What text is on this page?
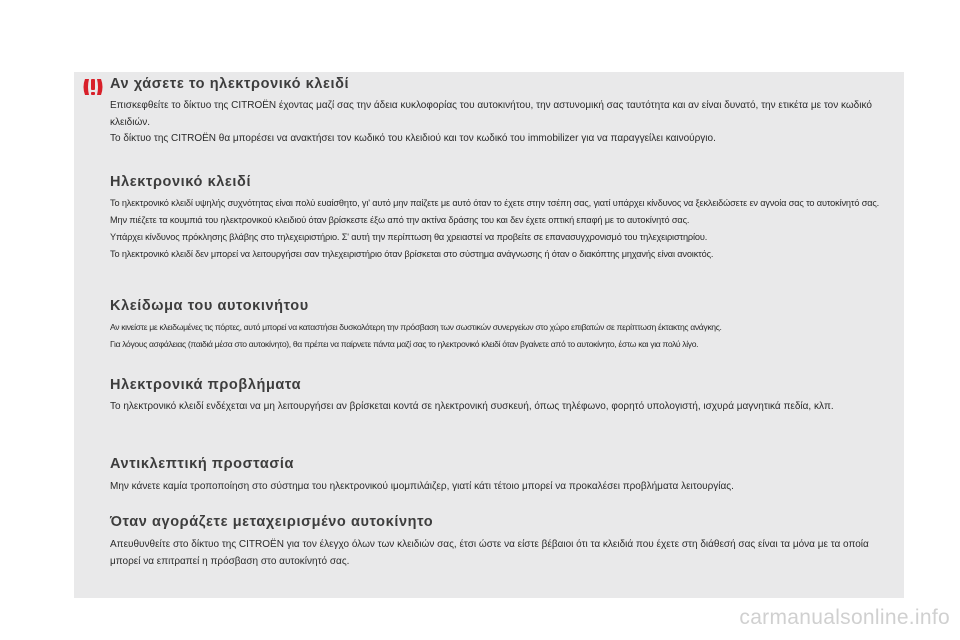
Αν χάσετε το ηλεκτρονικό κλειδί

Επισκεφθείτε το δίκτυο της CITROËN έχοντας μαζί σας την άδεια κυκλοφορίας του αυτοκινήτου, την αστυνομική σας ταυτότητα και αν είναι δυνατό, την ετικέτα με τον κωδικό κλειδιών.

Το δίκτυο της CITROËN θα μπορέσει να ανακτήσει τον κωδικό του κλειδιού και τον κωδικό του immobilizer για να παραγγείλει καινούργιο.

Ηλεκτρονικό κλειδί

Το ηλεκτρονικό κλειδί υψηλής συχνότητας είναι πολύ ευαίσθητο, γι' αυτό μην παίζετε με αυτό όταν το έχετε στην τσέπη σας, γιατί υπάρχει κίνδυνος να ξεκλειδώσετε εν αγνοία σας το αυτοκίνητό σας.

Μην πιέζετε τα κουμπιά του ηλεκτρονικού κλειδιού όταν βρίσκεστε έξω από την ακτίνα δράσης του και δεν έχετε οπτική επαφή με το αυτοκίνητό σας.

Υπάρχει κίνδυνος πρόκλησης βλάβης στο τηλεχειριστήριο. Σ' αυτή την περίπτωση θα χρειαστεί να προβείτε σε επανασυγχρονισμό του τηλεχειριστηρίου.

Το ηλεκτρονικό κλειδί δεν μπορεί να λειτουργήσει σαν τηλεχειριστήριο όταν βρίσκεται στο σύστημα ανάγνωσης ή όταν ο διακόπτης μηχανής είναι ανοικτός.

Κλείδωμα του αυτοκινήτου

Αν κινείστε με κλειδωμένες τις πόρτες, αυτό μπορεί να καταστήσει δυσκολότερη την πρόσβαση των σωστικών συνεργείων στο χώρο επιβατών σε περίπτωση έκτακτης ανάγκης.

Για λόγους ασφάλειας (παιδιά μέσα στο αυτοκίνητο), θα πρέπει να παίρνετε πάντα μαζί σας το ηλεκτρονικό κλειδί όταν βγαίνετε από το αυτοκίνητο, έστω και για πολύ λίγο.

Ηλεκτρονικά προβλήματα

Το ηλεκτρονικό κλειδί ενδέχεται να μη λειτουργήσει αν βρίσκεται κοντά σε ηλεκτρονική συσκευή, όπως τηλέφωνο, φορητό υπολογιστή, ισχυρά μαγνητικά πεδία, κλπ.

Αντικλεπτική προστασία

Μην κάνετε καμία τροποποίηση στο σύστημα του ηλεκτρονικού ιμομπιλάιζερ, γιατί κάτι τέτοιο μπορεί να προκαλέσει προβλήματα λειτουργίας.

Όταν αγοράζετε μεταχειρισμένο αυτοκίνητο

Απευθυνθείτε στο δίκτυο της CITROËN για τον έλεγχο όλων των κλειδιών σας, έτσι ώστε να είστε βέβαιοι ότι τα κλειδιά που έχετε στη διάθεσή σας είναι τα μόνα με τα οποία μπορεί να επιτραπεί η πρόσβαση στο αυτοκίνητό σας.

carmanualsonline.info
